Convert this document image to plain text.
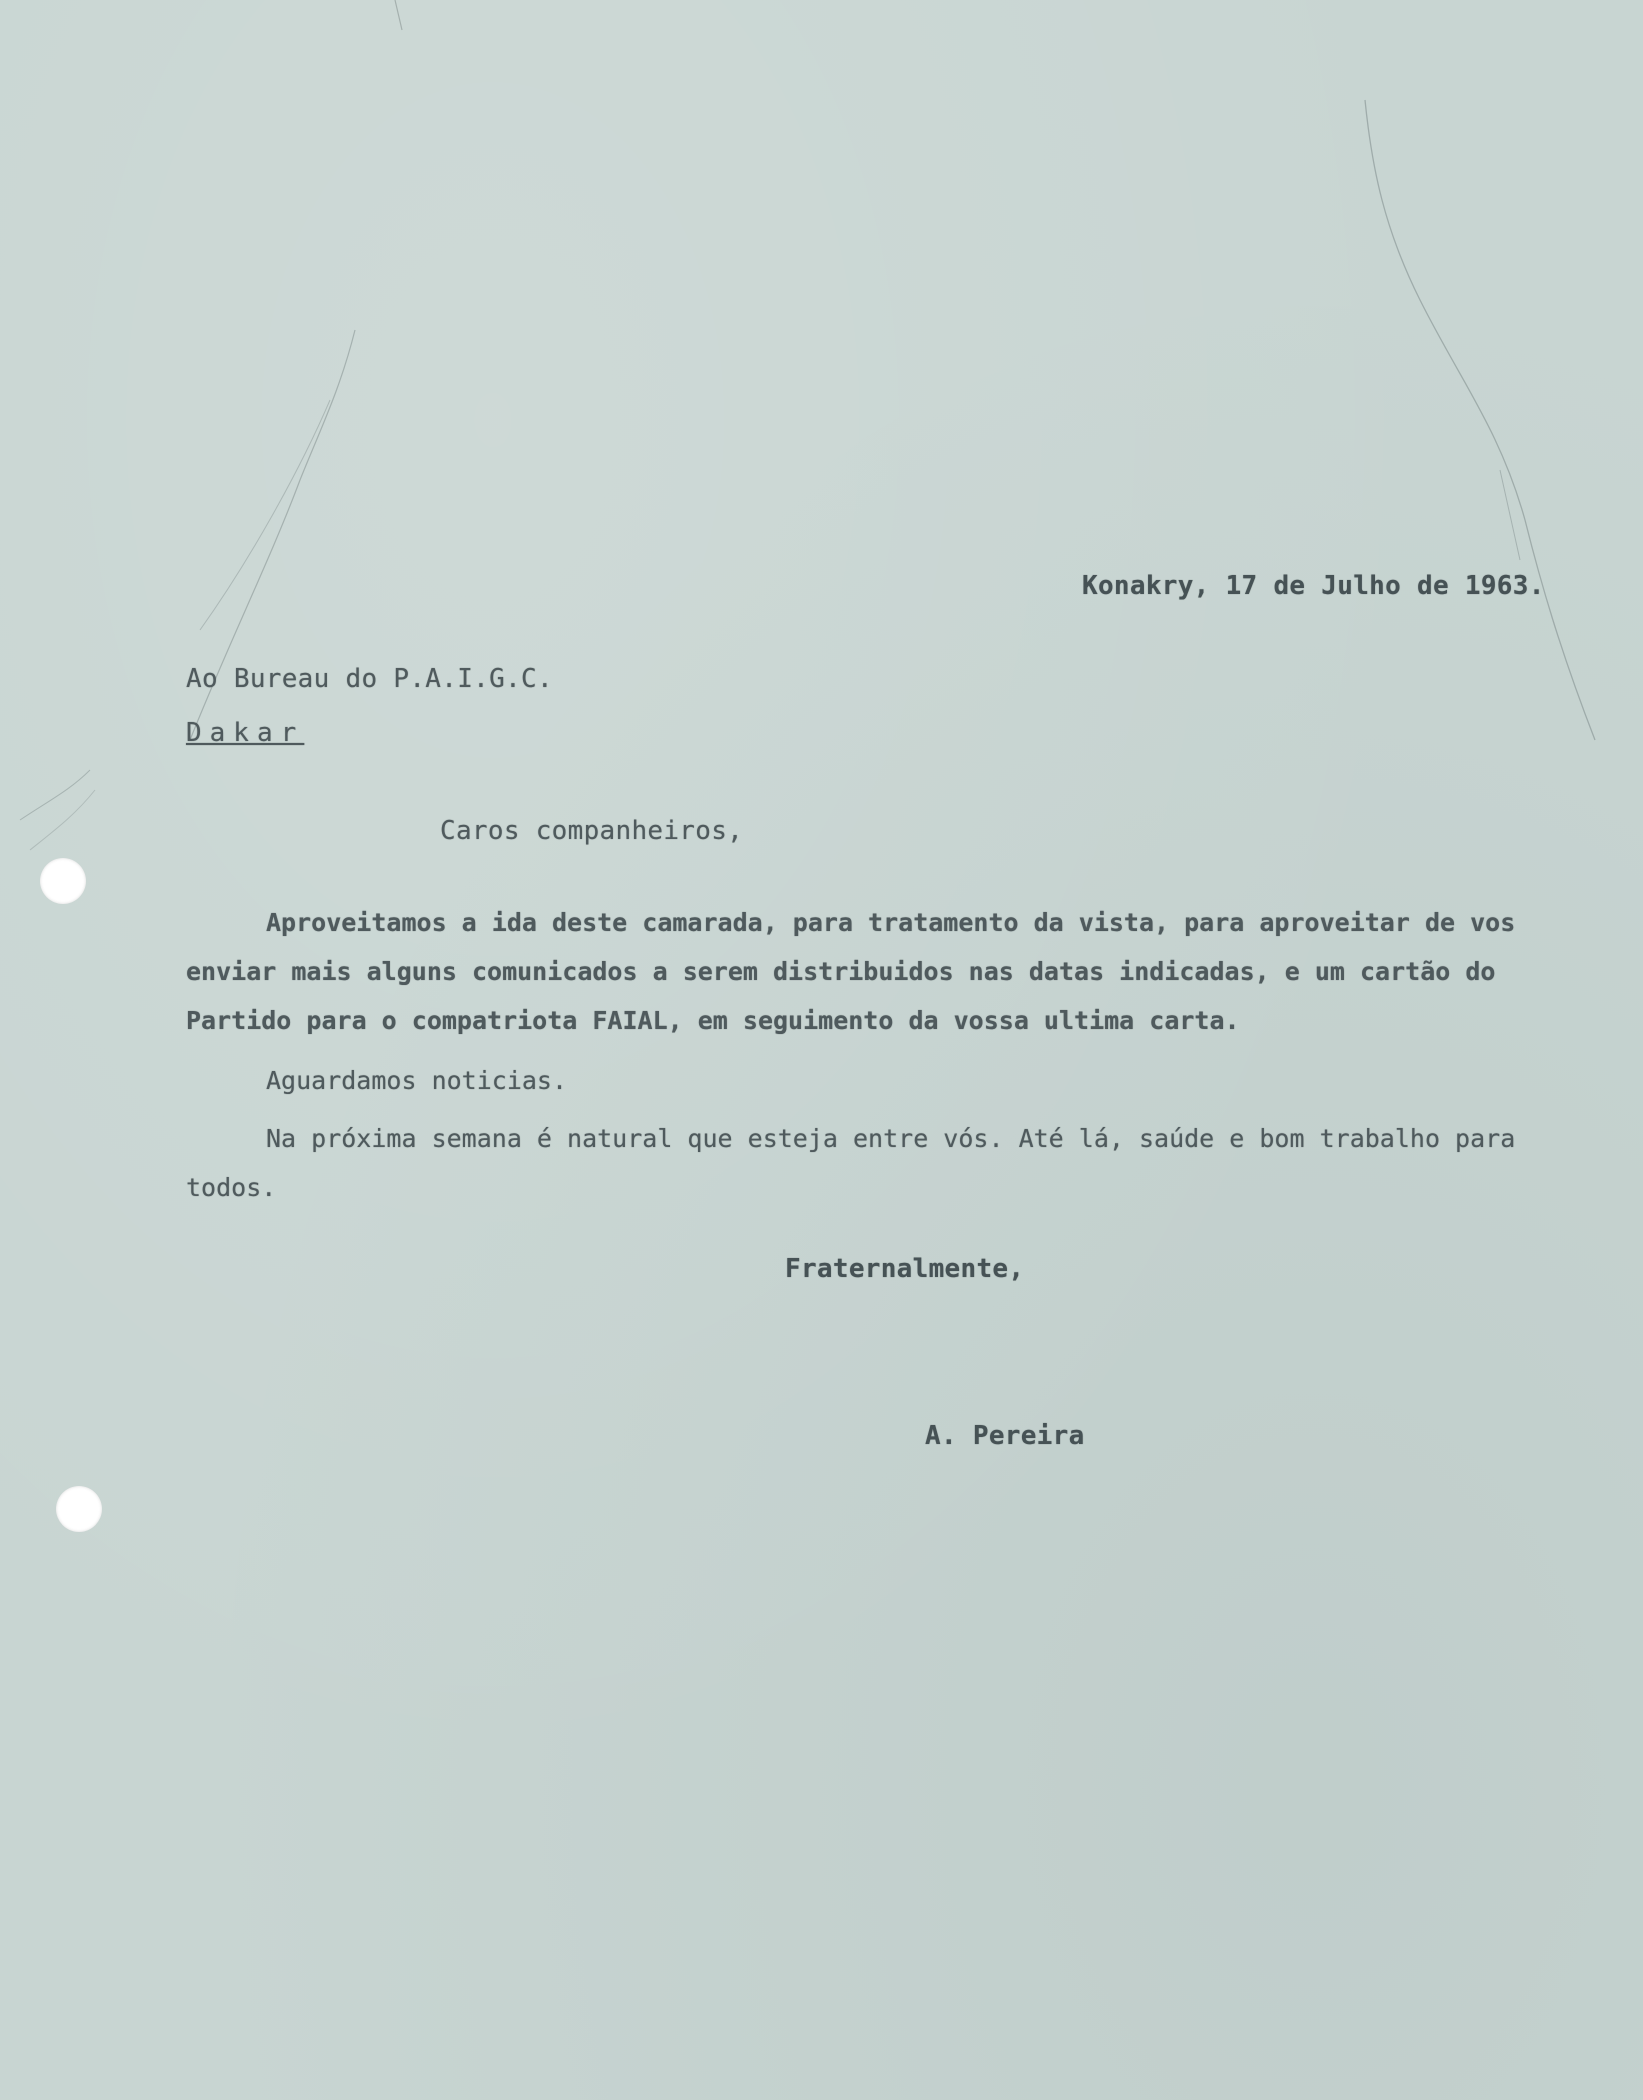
Konakry, 17 de Julho de 1963.

Ao Bureau do P.A.I.G.C.

Dakar

Caros companheiros,

Aproveitamos a ida deste camarada, para tratamento da vista, para aproveitar de vos enviar mais alguns comunicados a serem distribuidos nas datas indicadas, e um cartão do Partido para o compatriota FAIAL, em seguimento da vossa ultima carta.

Aguardamos noticias.

Na próxima semana é natural que esteja entre vós. Até lá, saúde e bom trabalho para todos.

Fraternalmente,

A. Pereira
